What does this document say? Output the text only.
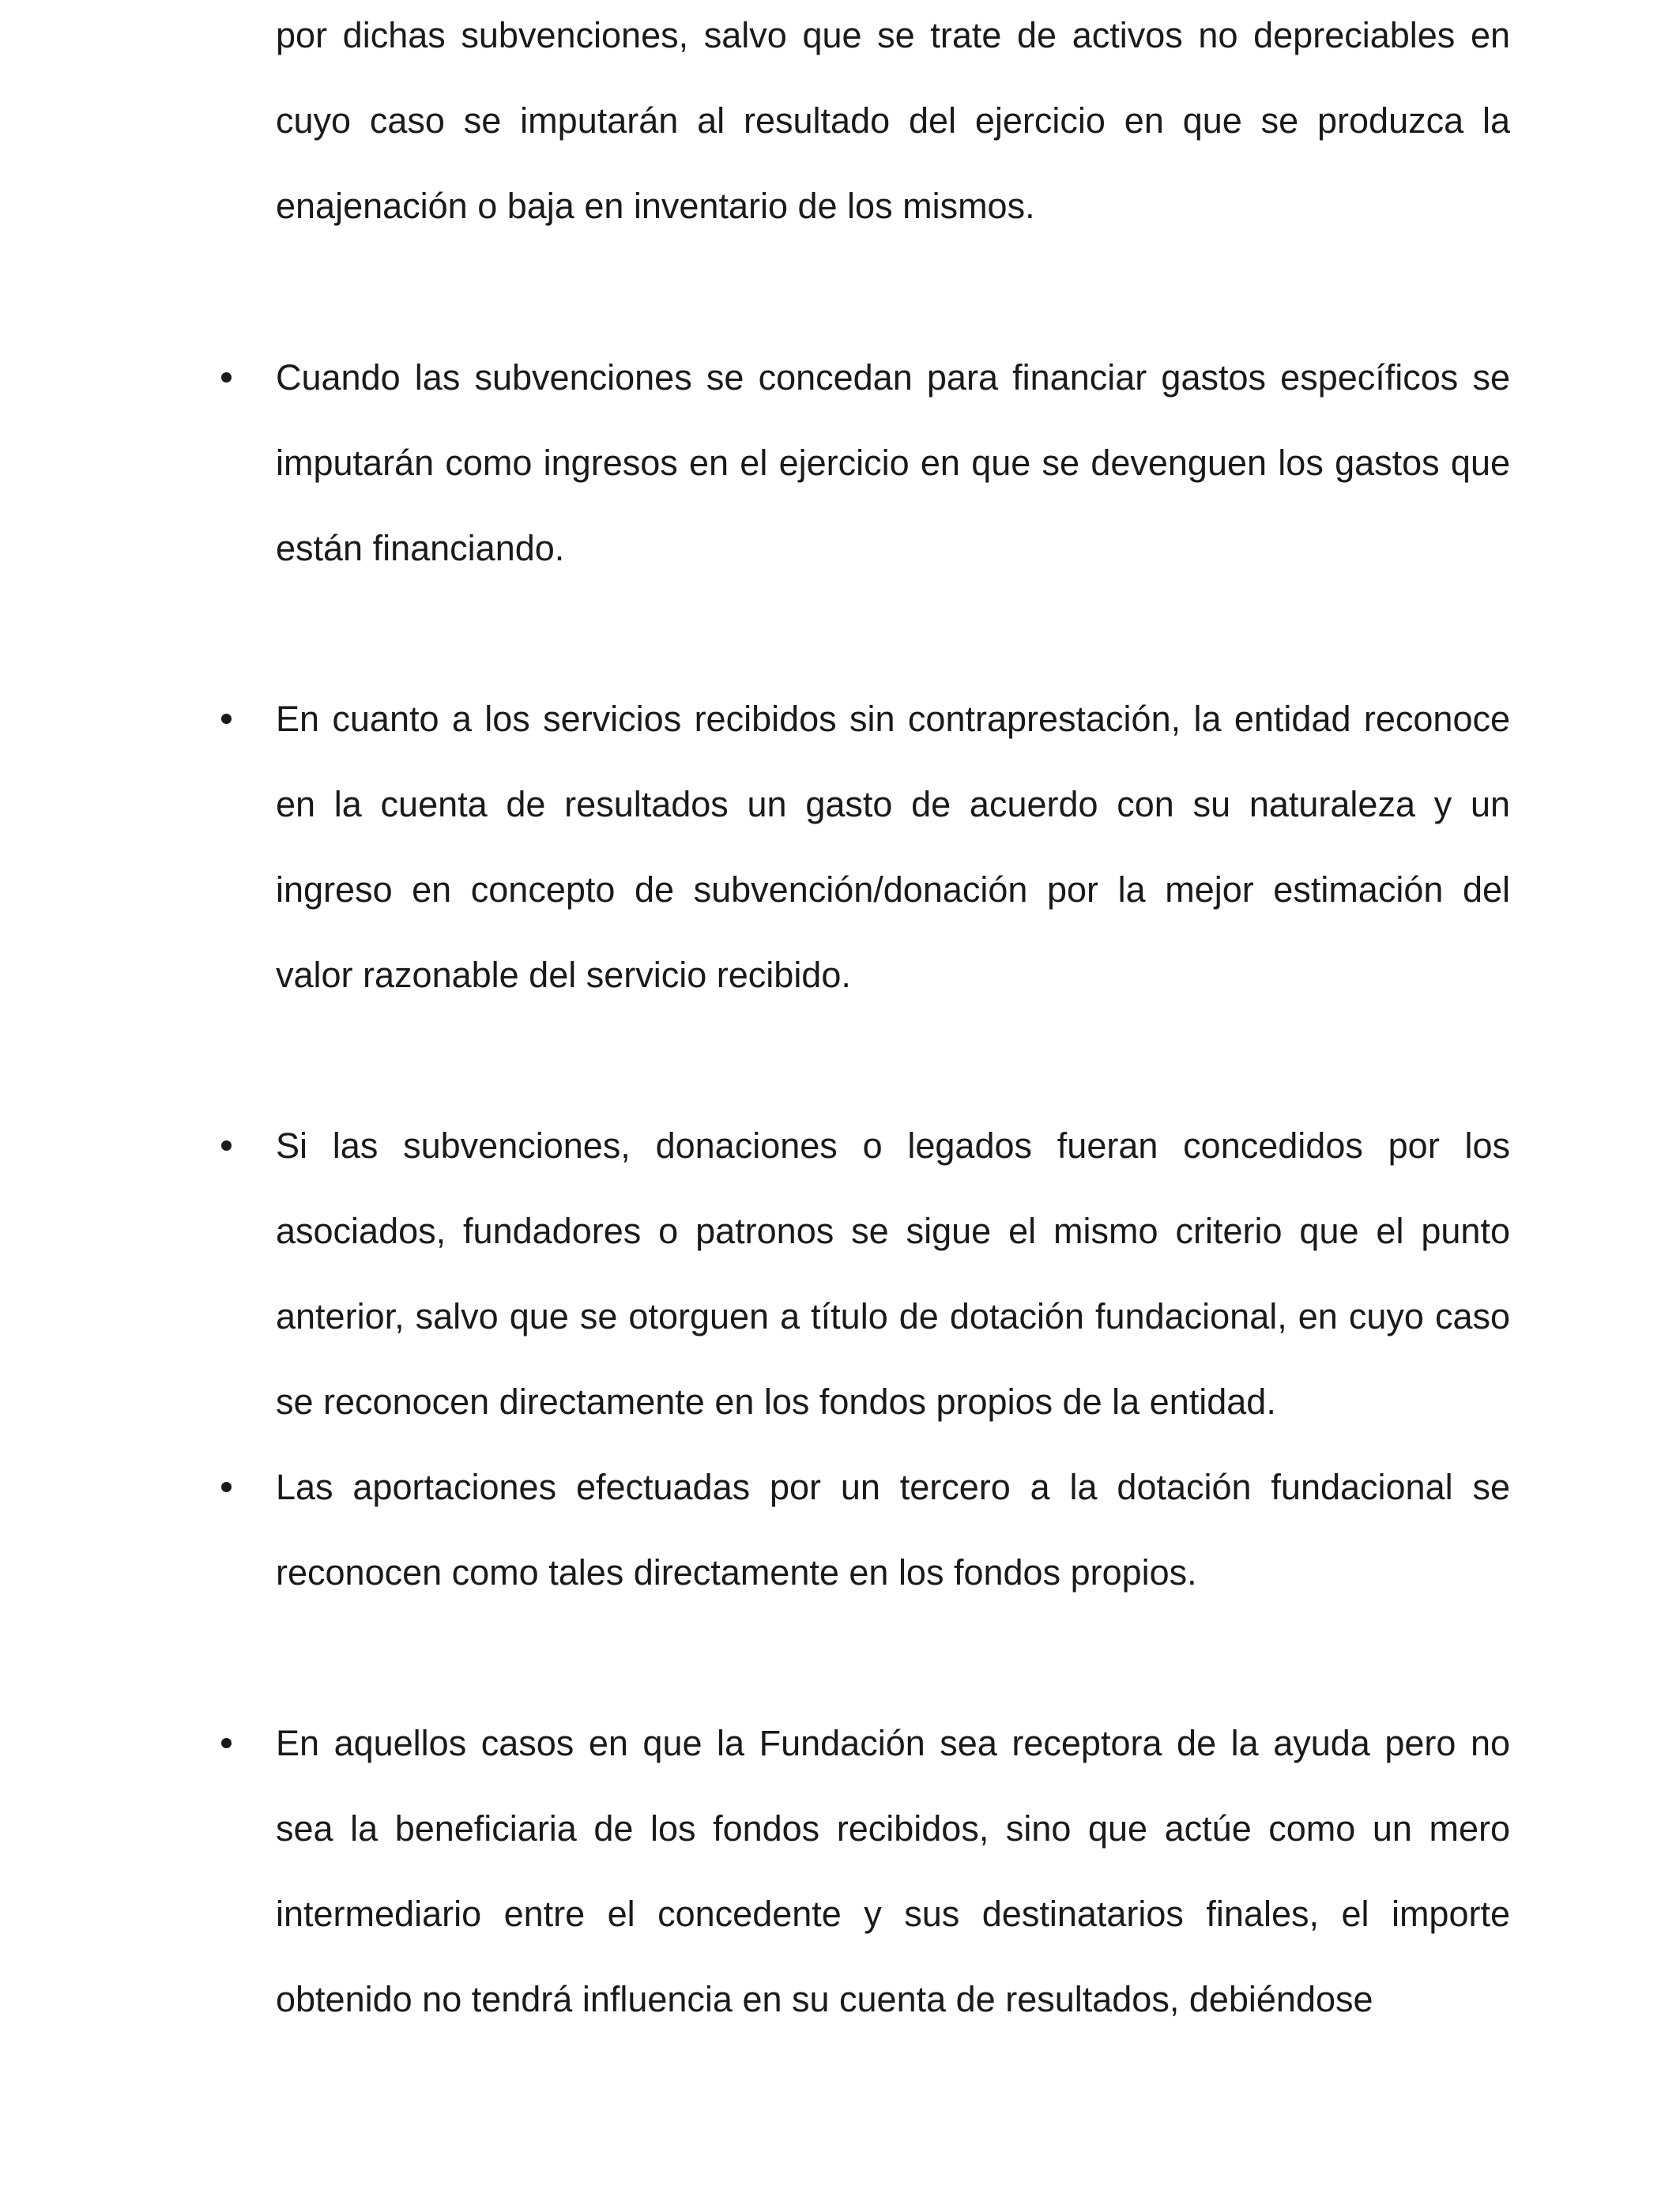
por dichas subvenciones, salvo que se trate de activos no depreciables en cuyo caso se imputarán al resultado del ejercicio en que se produzca la enajenación o baja en inventario de los mismos.

Cuando las subvenciones se concedan para financiar gastos específicos se imputarán como ingresos en el ejercicio en que se devenguen los gastos que están financiando.

En cuanto a los servicios recibidos sin contraprestación, la entidad reconoce en la cuenta de resultados un gasto de acuerdo con su naturaleza y un ingreso en concepto de subvención/donación por la mejor estimación del valor razonable del servicio recibido.

Si las subvenciones, donaciones o legados fueran concedidos por los asociados, fundadores o patronos se sigue el mismo criterio que el punto anterior, salvo que se otorguen a título de dotación fundacional, en cuyo caso se reconocen directamente en los fondos propios de la entidad.

Las aportaciones efectuadas por un tercero a la dotación fundacional se reconocen como tales directamente en los fondos propios.

En aquellos casos en que la Fundación sea receptora de la ayuda pero no sea la beneficiaria de los fondos recibidos, sino que actúe como un mero intermediario entre el concedente y sus destinatarios finales, el importe obtenido no tendrá influencia en su cuenta de resultados, debiéndose
